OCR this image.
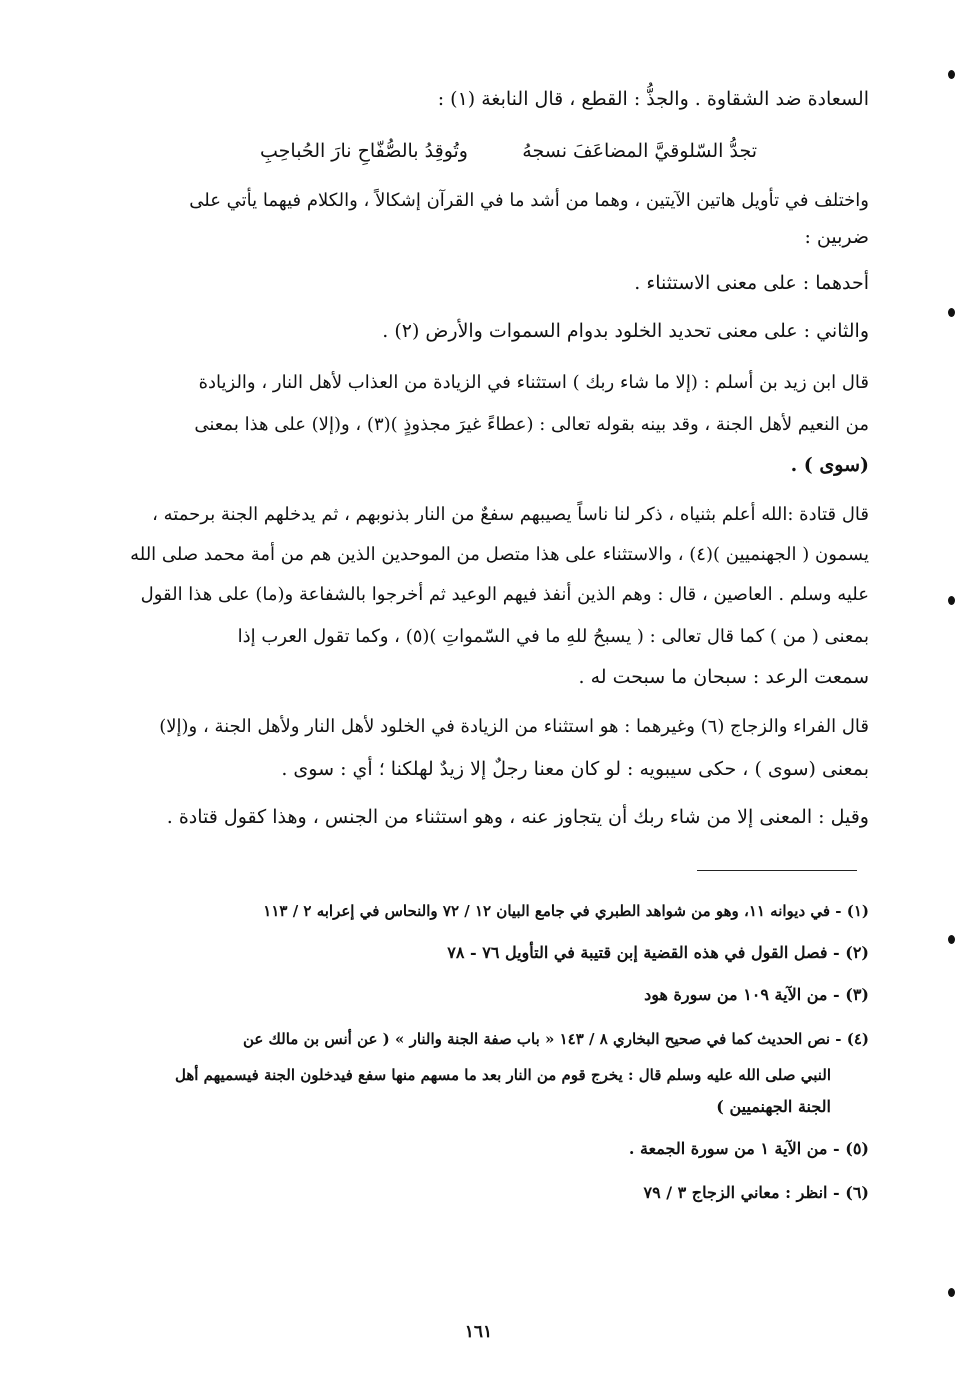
السعادة ضد الشقاوة . والجذُّ : القطع ، قال النابغة (١) :
تجدُّ السّلوقيَّ المضاعَفَ نسجهُ
وتُوقِدُ بالصُّفّاحِ نارَ الحُباحِبِ
واختلف في تأويل هاتين الآيتين ، وهما من أشد ما في القرآن إشكالاً ، والكلام فيهما يأتي على
ضربين :
أحدهما : على معنى الاستثناء .
والثاني : على معنى تحديد الخلود بدوام السموات والأرض (٢) .
قال ابن زيد بن أسلم : (إلا ما شاء ربك ) استثناء في الزيادة من العذاب لأهل النار ، والزيادة
من النعيم لأهل الجنة ، وقد بينه بقوله تعالى : (عطاءً غيرَ مجذوذٍ )(٣) ، و(إلا) على هذا بمعنى
(سوى ) .
قال قتادة :الله أعلم بثنياه ، ذكر لنا ناساً يصيبهم سفعٌ من النار بذنوبهم ، ثم يدخلهم الجنة برحمته ،
يسمون ( الجهنميين )(٤) ، والاستثناء على هذا متصل من الموحدين الذين هم من أمة محمد صلى الله
عليه وسلم . العاصين ، قال : وهم الذين أنفذ فيهم الوعيد ثم أخرجوا بالشفاعة و(ما) على هذا القول
بمعنى ( من ) كما قال تعالى : ( يسبحُ للهِ ما في السّمواتِ )(٥) ، وكما تقول العرب إذا
سمعت الرعد : سبحان ما سبحت له .
قال الفراء والزجاج (٦) وغيرهما : هو استثناء من الزيادة في الخلود لأهل النار ولأهل الجنة ، و(إلا)
بمعنى (سوى ) ، حكى سيبويه : لو كان معنا رجلٌ إلا زيدٌ لهلكنا ؛ أي : سوى .
وقيل : المعنى إلا من شاء ربك أن يتجاوز عنه ، وهو استثناء من الجنس ، وهذا كقول قتادة .
(١) - في ديوانه ١١، وهو من شواهد الطبري في جامع البيان ١٢ / ٧٢ والنحاس في إعرابه ٢ / ١١٣
(٢) - فصل القول في هذه القضية إبن قتيبة في التأويل ٧٦ - ٧٨
(٣) - من الآية ١٠٩ من سورة هود
(٤) - نص الحديث كما في صحيح البخاري ٨ / ١٤٣ « باب صفة الجنة والنار » ( عن أنس بن مالك عن
النبي صلى الله عليه وسلم قال : يخرج قوم من النار بعد ما مسهم منها سفع فيدخلون الجنة فيسميهم أهل
الجنة الجهنميين )
(٥) - من الآية ١ من سورة الجمعة .
(٦) - انظر : معاني الزجاج ٣ / ٧٩
١٦١
